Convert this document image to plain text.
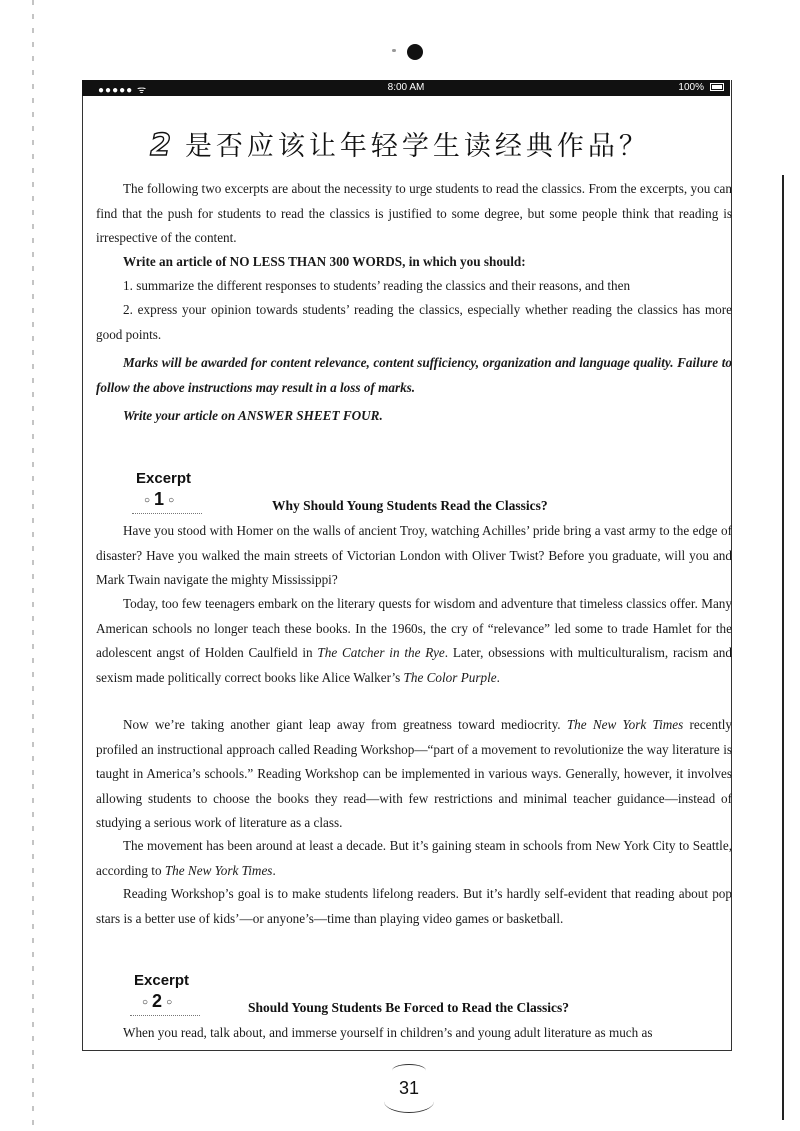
●●●●● ᯤ	8:00 AM	100%
2 是否应该让年轻学生读经典作品？

The following two excerpts are about the necessity to urge students to read the classics. From the excerpts, you can find that the push for students to read the classics is justified to some degree, but some people think that reading is irrespective of the content.

Write an article of NO LESS THAN 300 WORDS, in which you should:

1. summarize the different responses to students’ reading the classics and their reasons, and then

2. express your opinion towards students’ reading the classics, especially whether reading the classics has more good points.

Marks will be awarded for content relevance, content sufficiency, organization and language quality. Failure to follow the above instructions may result in a loss of marks.

Write your article on ANSWER SHEET FOUR.

Excerpt
○ 1 ○	Why Should Young Students Read the Classics?

Have you stood with Homer on the walls of ancient Troy, watching Achilles’ pride bring a vast army to the edge of disaster? Have you walked the main streets of Victorian London with Oliver Twist? Before you graduate, will you and Mark Twain navigate the mighty Mississippi?

Today, too few teenagers embark on the literary quests for wisdom and adventure that timeless classics offer. Many American schools no longer teach these books. In the 1960s, the cry of “relevance” led some to trade Hamlet for the adolescent angst of Holden Caulfield in The Catcher in the Rye. Later, obsessions with multiculturalism, racism and sexism made politically correct books like Alice Walker’s The Color Purple.

Now we’re taking another giant leap away from greatness toward mediocrity. The New York Times recently profiled an instructional approach called Reading Workshop—“part of a movement to revolutionize the way literature is taught in America’s schools.” Reading Workshop can be implemented in various ways. Generally, however, it involves allowing students to choose the books they read—with few restrictions and minimal teacher guidance—instead of studying a serious work of literature as a class.

The movement has been around at least a decade. But it’s gaining steam in schools from New York City to Seattle, according to The New York Times.

Reading Workshop’s goal is to make students lifelong readers. But it’s hardly self-evident that reading about pop stars is a better use of kids’—or anyone’s—time than playing video games or basketball.

Excerpt
○ 2 ○	Should Young Students Be Forced to Read the Classics?

When you read, talk about, and immerse yourself in children’s and young adult literature as much as

31
